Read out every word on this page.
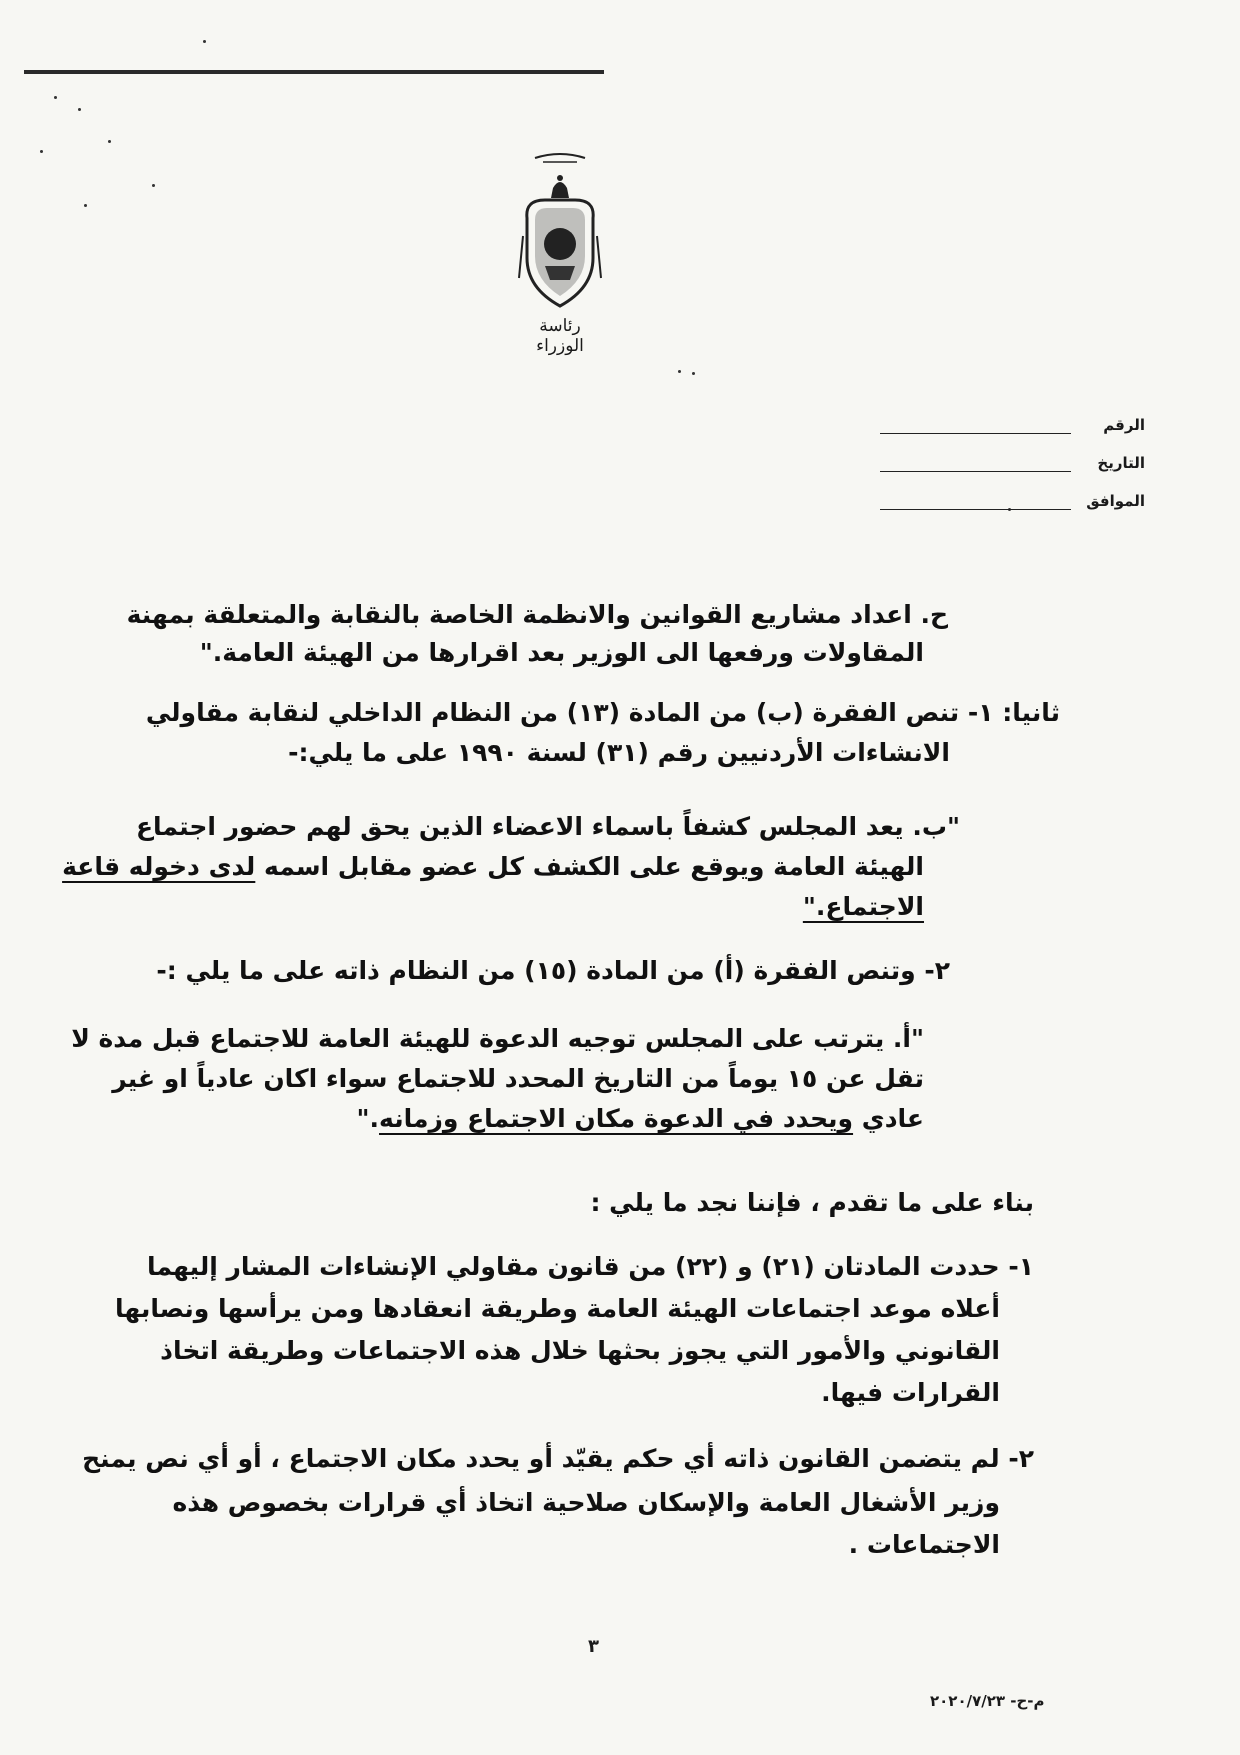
رئاسة الوزراء
الرقم
التاريخ
الموافق
ح. اعداد مشاريع القوانين والانظمة الخاصة بالنقابة والمتعلقة بمهنة
المقاولات ورفعها الى الوزير بعد اقرارها من الهيئة العامة."
ثانيا: ١- تنص الفقرة (ب) من المادة (١٣) من النظام الداخلي لنقابة مقاولي
الانشاءات الأردنيين رقم (٣١) لسنة ١٩٩٠ على ما يلي:-
"ب. يعد المجلس كشفاً باسماء الاعضاء الذين يحق لهم حضور اجتماع
الهيئة العامة ويوقع على الكشف كل عضو مقابل اسمه لدى دخوله قاعة
الاجتماع."
٢- وتنص الفقرة (أ) من المادة (١٥) من النظام ذاته على ما يلي :-
"أ. يترتب على المجلس توجيه الدعوة للهيئة العامة للاجتماع قبل مدة لا
تقل عن ١٥ يوماً من التاريخ المحدد للاجتماع سواء اكان عادياً او غير
عادي ويحدد في الدعوة مكان الاجتماع وزمانه."
بناء على ما تقدم ، فإننا نجد ما يلي :
١- حددت المادتان (٢١) و (٢٢) من قانون مقاولي الإنشاءات المشار إليهما
أعلاه موعد اجتماعات الهيئة العامة وطريقة انعقادها ومن يرأسها ونصابها
القانوني والأمور التي يجوز بحثها خلال هذه الاجتماعات وطريقة اتخاذ
القرارات فيها.
٢- لم يتضمن القانون ذاته أي حكم يقيّد أو يحدد مكان الاجتماع ، أو أي نص يمنح
وزير الأشغال العامة والإسكان صلاحية اتخاذ أي قرارات بخصوص هذه
الاجتماعات .
٣
م-ح- ٢٠٢٠/٧/٢٣
